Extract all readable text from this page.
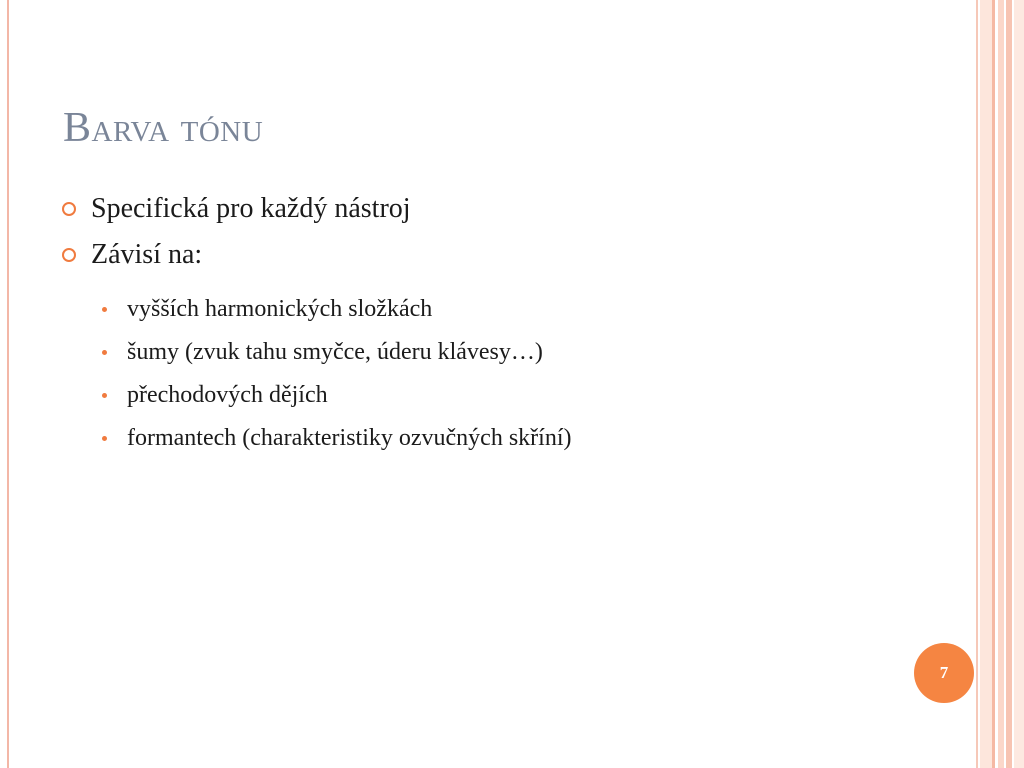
Barva tónu
Specifická pro každý nástroj
Závisí na:
vyšších harmonických složkách
šumy (zvuk tahu smyčce, úderu klávesy…)
přechodových dějích
formantech (charakteristiky ozvučných skříní)
7
